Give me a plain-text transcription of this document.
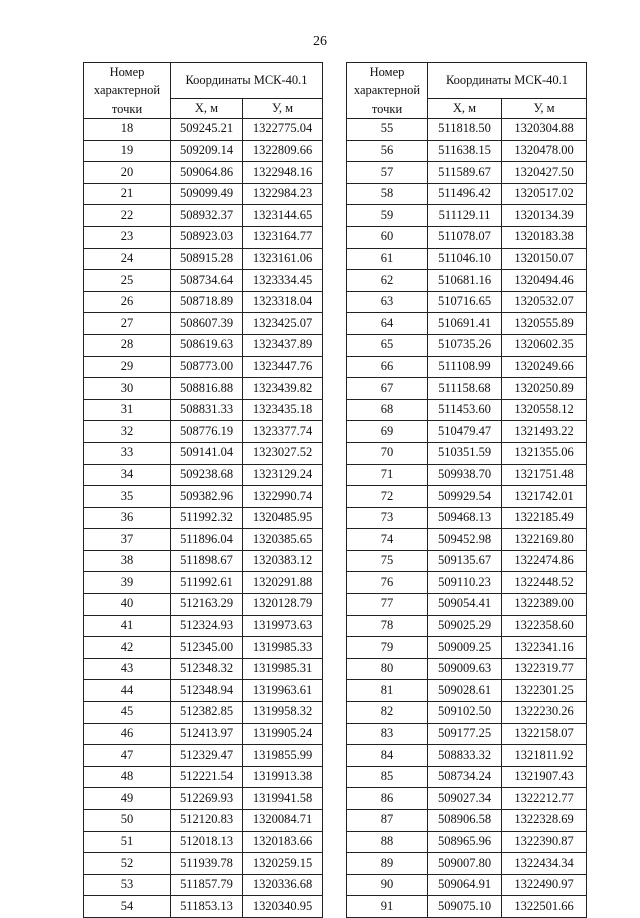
26
Номер характерной точки	Координаты МСК-40.1	
	X, м	У, м
18	509245.21	1322775.04
19	509209.14	1322809.66
20	509064.86	1322948.16
21	509099.49	1322984.23
22	508932.37	1323144.65
23	508923.03	1323164.77
24	508915.28	1323161.06
25	508734.64	1323334.45
26	508718.89	1323318.04
27	508607.39	1323425.07
28	508619.63	1323437.89
29	508773.00	1323447.76
30	508816.88	1323439.82
31	508831.33	1323435.18
32	508776.19	1323377.74
33	509141.04	1323027.52
34	509238.68	1323129.24
35	509382.96	1322990.74
36	511992.32	1320485.95
37	511896.04	1320385.65
38	511898.67	1320383.12
39	511992.61	1320291.88
40	512163.29	1320128.79
41	512324.93	1319973.63
42	512345.00	1319985.33
43	512348.32	1319985.31
44	512348.94	1319963.61
45	512382.85	1319958.32
46	512413.97	1319905.24
47	512329.47	1319855.99
48	512221.54	1319913.38
49	512269.93	1319941.58
50	512120.83	1320084.71
51	512018.13	1320183.66
52	511939.78	1320259.15
53	511857.79	1320336.68
54	511853.13	1320340.95
Номер характерной точки	Координаты МСК-40.1	
	X, м	У, м
55	511818.50	1320304.88
56	511638.15	1320478.00
57	511589.67	1320427.50
58	511496.42	1320517.02
59	511129.11	1320134.39
60	511078.07	1320183.38
61	511046.10	1320150.07
62	510681.16	1320494.46
63	510716.65	1320532.07
64	510691.41	1320555.89
65	510735.26	1320602.35
66	511108.99	1320249.66
67	511158.68	1320250.89
68	511453.60	1320558.12
69	510479.47	1321493.22
70	510351.59	1321355.06
71	509938.70	1321751.48
72	509929.54	1321742.01
73	509468.13	1322185.49
74	509452.98	1322169.80
75	509135.67	1322474.86
76	509110.23	1322448.52
77	509054.41	1322389.00
78	509025.29	1322358.60
79	509009.25	1322341.16
80	509009.63	1322319.77
81	509028.61	1322301.25
82	509102.50	1322230.26
83	509177.25	1322158.07
84	508833.32	1321811.92
85	508734.24	1321907.43
86	509027.34	1322212.77
87	508906.58	1322328.69
88	508965.96	1322390.87
89	509007.80	1322434.34
90	509064.91	1322490.97
91	509075.10	1322501.66
